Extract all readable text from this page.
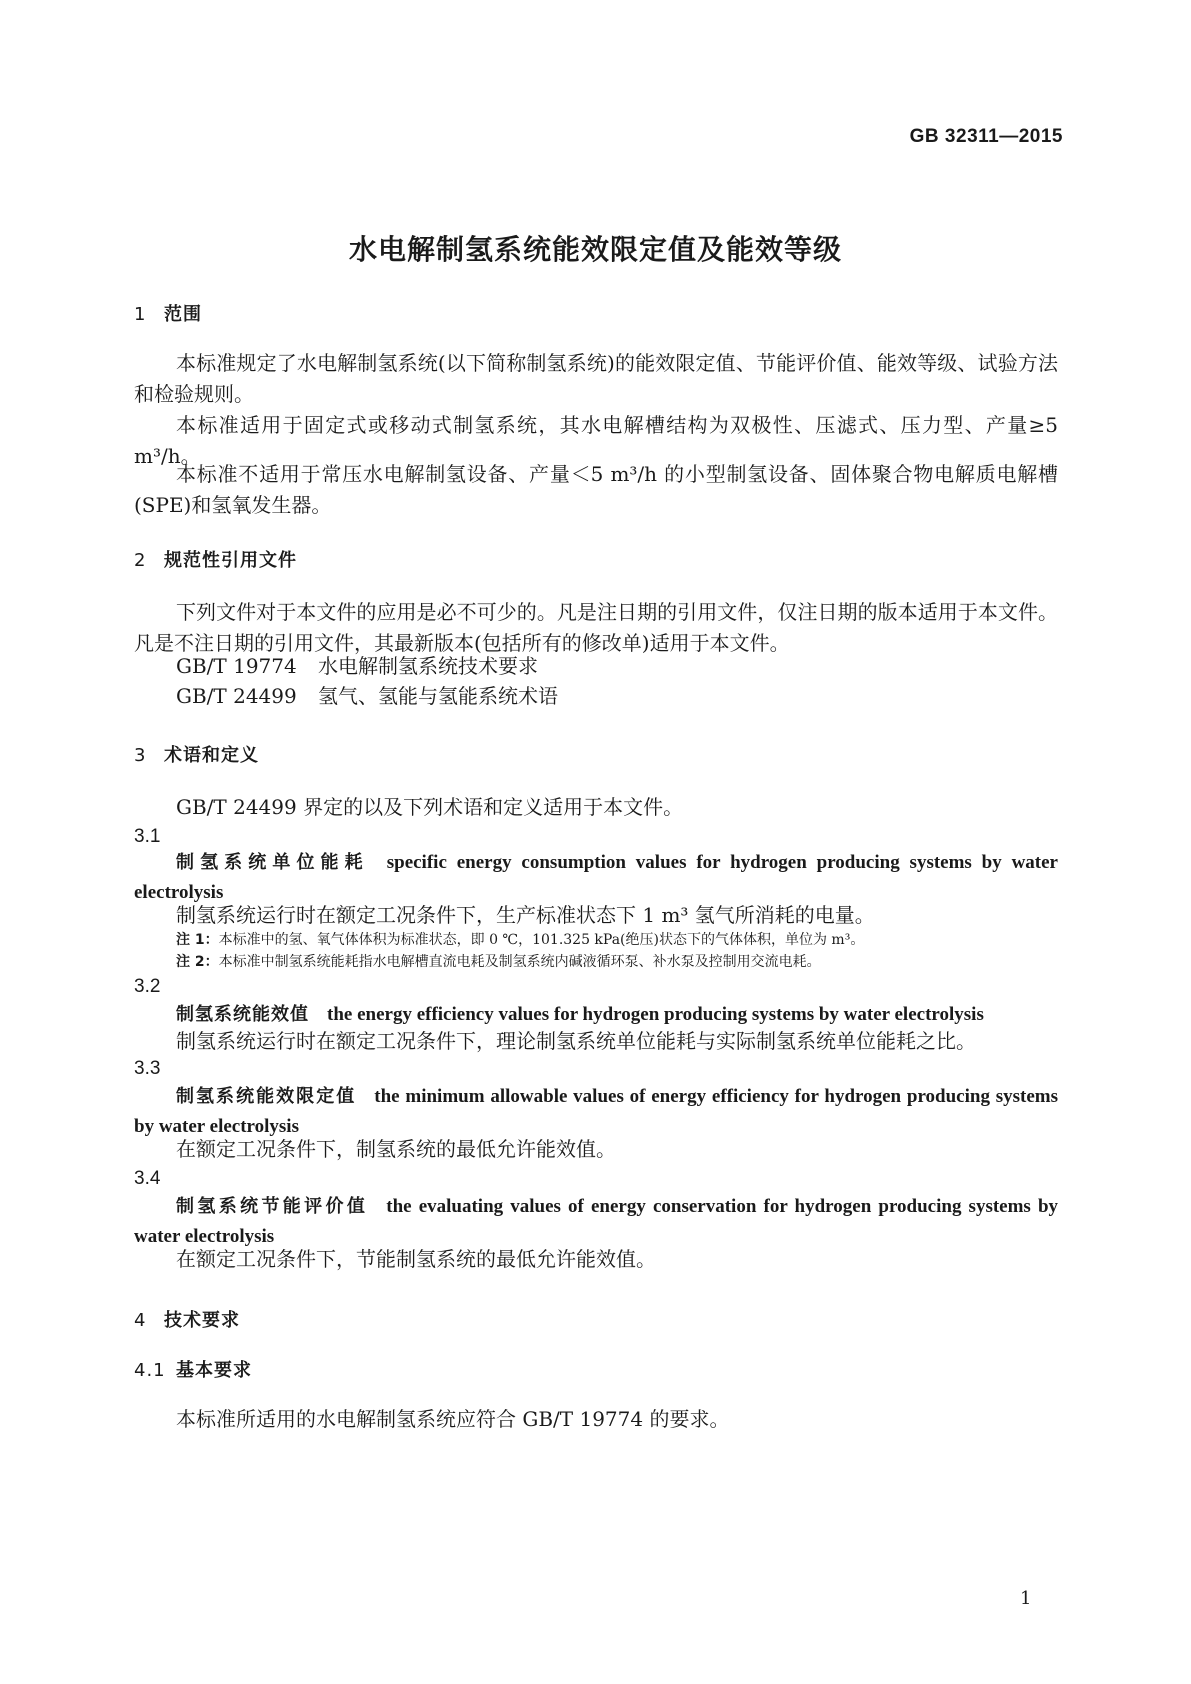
GB 32311—2015
水电解制氢系统能效限定值及能效等级
1 范围
本标准规定了水电解制氢系统(以下简称制氢系统)的能效限定值、节能评价值、能效等级、试验方法和检验规则。
本标准适用于固定式或移动式制氢系统，其水电解槽结构为双极性、压滤式、压力型、产量≥5 m³/h。
本标准不适用于常压水电解制氢设备、产量＜5 m³/h 的小型制氢设备、固体聚合物电解质电解槽(SPE)和氢氧发生器。
2 规范性引用文件
下列文件对于本文件的应用是必不可少的。凡是注日期的引用文件，仅注日期的版本适用于本文件。凡是不注日期的引用文件，其最新版本(包括所有的修改单)适用于本文件。
GB/T 19774 水电解制氢系统技术要求
GB/T 24499 氢气、氢能与氢能系统术语
3 术语和定义
GB/T 24499 界定的以及下列术语和定义适用于本文件。
3.1
制氢系统单位能耗 specific energy consumption values for hydrogen producing systems by water electrolysis
制氢系统运行时在额定工况条件下，生产标准状态下 1 m³ 氢气所消耗的电量。
注 1：本标准中的氢、氧气体体积为标准状态，即 0 ℃，101.325 kPa(绝压)状态下的气体体积，单位为 m³。
注 2：本标准中制氢系统能耗指水电解槽直流电耗及制氢系统内碱液循环泵、补水泵及控制用交流电耗。
3.2
制氢系统能效值 the energy efficiency values for hydrogen producing systems by water electrolysis
制氢系统运行时在额定工况条件下，理论制氢系统单位能耗与实际制氢系统单位能耗之比。
3.3
制氢系统能效限定值 the minimum allowable values of energy efficiency for hydrogen producing systems by water electrolysis
在额定工况条件下，制氢系统的最低允许能效值。
3.4
制氢系统节能评价值 the evaluating values of energy conservation for hydrogen producing systems by water electrolysis
在额定工况条件下，节能制氢系统的最低允许能效值。
4 技术要求
4.1 基本要求
本标准所适用的水电解制氢系统应符合 GB/T 19774 的要求。
1
